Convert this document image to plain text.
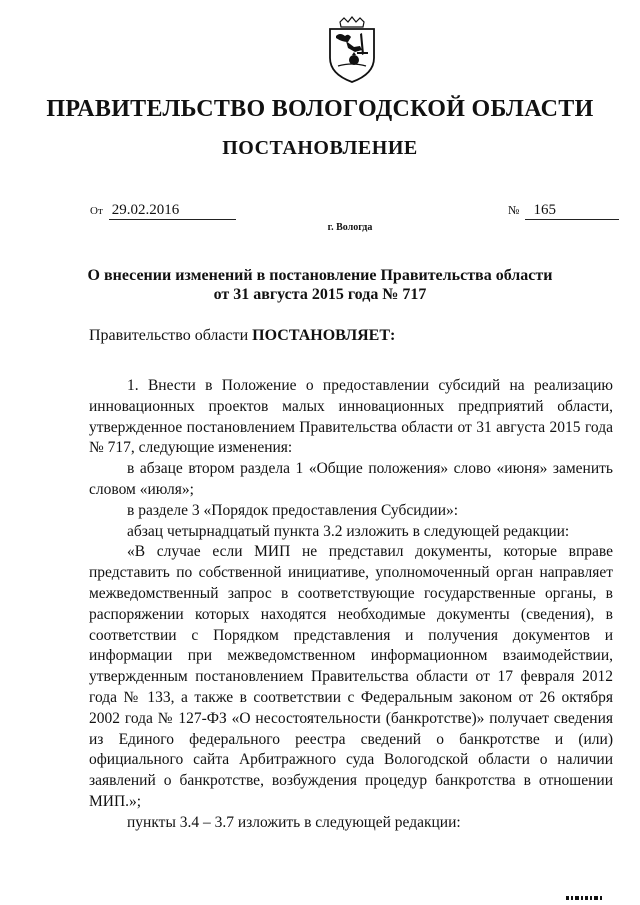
ПРАВИТЕЛЬСТВО ВОЛОГОДСКОЙ ОБЛАСТИ
ПОСТАНОВЛЕНИЕ
От 29.02.2016	№ 165
г. Вологда
О внесении изменений в постановление Правительства области
от 31 августа 2015 года № 717
Правительство области ПОСТАНОВЛЯЕТ:

1. Внести в Положение о предоставлении субсидий на реализацию инновационных проектов малых инновационных предприятий области, утвержденное постановлением Правительства области от 31 августа 2015 года № 717, следующие изменения:

в абзаце втором раздела 1 «Общие положения» слово «июня» заменить словом «июля»;

в разделе 3 «Порядок предоставления Субсидии»:

абзац четырнадцатый пункта 3.2 изложить в следующей редакции:

«В случае если МИП не представил документы, которые вправе представить по собственной инициативе, уполномоченный орган направляет межведомственный запрос в соответствующие государственные органы, в распоряжении которых находятся необходимые документы (сведения), в соответствии с Порядком представления и получения документов и информации при межведомственном информационном взаимодействии, утвержденным постановлением Правительства области от 17 февраля 2012 года № 133, а также в соответствии с Федеральным законом от 26 октября 2002 года № 127-ФЗ «О несостоятельности (банкротстве)» получает сведения из Единого федерального реестра сведений о банкротстве и (или) официального сайта Арбитражного суда Вологодской области о наличии заявлений о банкротстве, возбуждения процедур банкротства в отношении МИП.»;

пункты 3.4 – 3.7 изложить в следующей редакции:
